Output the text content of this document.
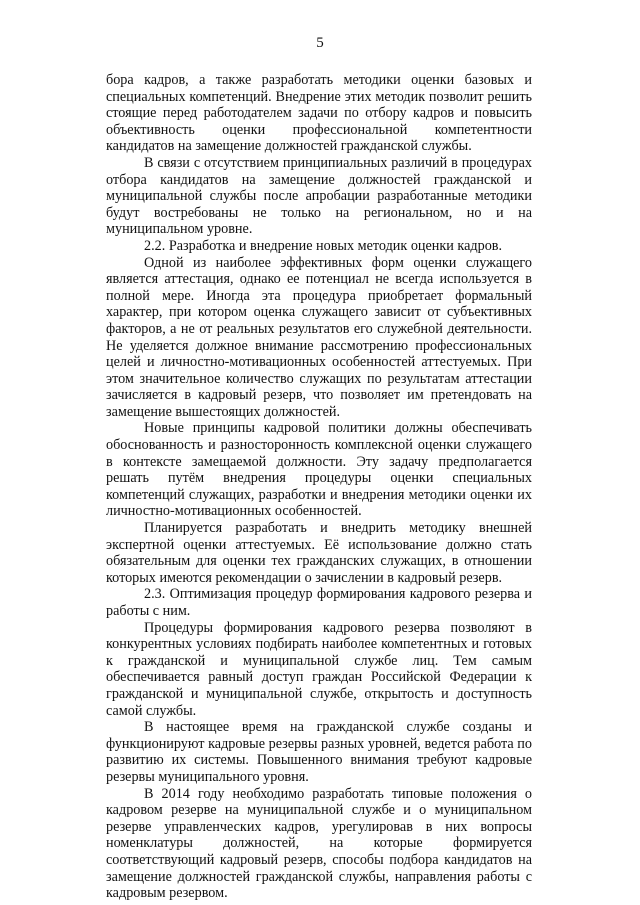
5

бора кадров, а также разработать методики оценки базовых и специальных компетенций. Внедрение этих методик позволит решить стоящие перед работодателем задачи по отбору кадров и повысить объективность оценки профессиональной компетентности кандидатов на замещение должностей гражданской службы.

В связи с отсутствием принципиальных различий в процедурах отбора кандидатов на замещение должностей гражданской и муниципальной службы после апробации разработанные методики будут востребованы не только на региональном, но и на муниципальном уровне.

2.2. Разработка и внедрение новых методик оценки кадров.

Одной из наиболее эффективных форм оценки служащего является аттестация, однако ее потенциал не всегда используется в полной мере. Иногда эта процедура приобретает формальный характер, при котором оценка служащего зависит от субъективных факторов, а не от реальных результатов его служебной деятельности. Не уделяется должное внимание рассмотрению профессиональных целей и личностно-мотивационных особенностей аттестуемых. При этом значительное количество служащих по результатам аттестации зачисляется в кадровый резерв, что позволяет им претендовать на замещение вышестоящих должностей.

Новые принципы кадровой политики должны обеспечивать обоснованность и разносторонность комплексной оценки служащего в контексте замещаемой должности. Эту задачу предполагается решать путём внедрения процедуры оценки специальных компетенций служащих, разработки и внедрения методики оценки их личностно-мотивационных особенностей.

Планируется разработать и внедрить методику внешней экспертной оценки аттестуемых. Её использование должно стать обязательным для оценки тех гражданских служащих, в отношении которых имеются рекомендации о зачислении в кадровый резерв.

2.3. Оптимизация процедур формирования кадрового резерва и работы с ним.

Процедуры формирования кадрового резерва позволяют в конкурентных условиях подбирать наиболее компетентных и готовых к гражданской и муниципальной службе лиц. Тем самым обеспечивается равный доступ граждан Российской Федерации к гражданской и муниципальной службе, открытость и доступность самой службы.

В настоящее время на гражданской службе созданы и функционируют кадровые резервы разных уровней, ведется работа по развитию их системы. Повышенного внимания требуют кадровые резервы муниципального уровня.

В 2014 году необходимо разработать типовые положения о кадровом резерве на муниципальной службе и о муниципальном резерве управленческих кадров, урегулировав в них вопросы номенклатуры должностей, на которые формируется соответствующий кадровый резерв, способы подбора кандидатов на замещение должностей гражданской службы, направления работы с кадровым резервом.
